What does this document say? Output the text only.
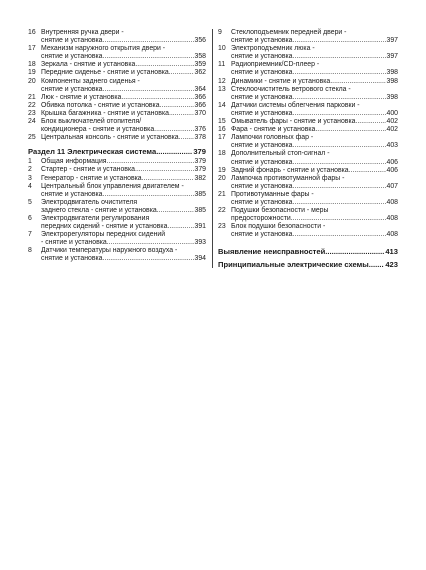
16 Внутренняя ручка двери -
снятие и установка .....	356
17 Механизм наружного открытия двери -
снятие и установка .....	358
18 Зеркала - снятие и установка .....	359
19 Передние сиденье - снятие и установка .....	362
20 Компоненты заднего сиденья -
снятие и установка .....	364
21 Люк - снятие и установка .....	366
22 Обивка потолка - снятие и установка .....	366
23 Крышка багажника - снятие и установка .....	370
24 Блок выключателей отопителя/
кондиционера - снятие и установка .....	376
25 Центральная консоль - снятие и установка ..... 378
Раздел 11 Электрическая система .....	379
1	Общая информация .....	379
2	Стартер - снятие и установка .....	379
3	Генератор - снятие и установка .....	382
4	Центральный блок управления двигателем -
снятие и установка .....	385
5	Электродвигатель очистителя
заднего стекла - снятие и установка .....	385
6	Электродвигатели регулирования
передних сидений - снятие и установка .....	391
7	Электрорегуляторы передних сидений
- снятие и установка .....	393
8	Датчики температуры наружного воздуха -
снятие и установка .....	394
9	Стеклоподъемник передней двери -
снятие и установка .....	397
10 Электроподъемник люка -
снятие и установка .....	397
11 Радиоприемник/CD-плеер -
снятие и установка .....	398
12 Динамики - снятие и установка .....	398
13 Стеклоочиститель ветрового стекла -
снятие и установка .....	398
14 Датчики системы облегчения парковки -
снятие и установка .....	400
15 Омыватель фары - снятие и установка .....	402
16 Фара - снятие и установка .....	402
17 Лампочки головных фар -
снятие и установка .....	403
18 Дополнительный стоп-сигнал -
снятие и установка .....	406
19 Задний фонарь - снятие и установка .....	406
20 Лампочка противотуманной фары -
снятие и установка .....	407
21 Противотуманные фары -
снятие и установка .....	408
22 Подушки безопасности - меры
предосторожности .....	408
23 Блок подушки безопасности -
снятие и установка .....	408
Выявление неисправностей .....	413
Принципиальные электрические схемы ..... 423
